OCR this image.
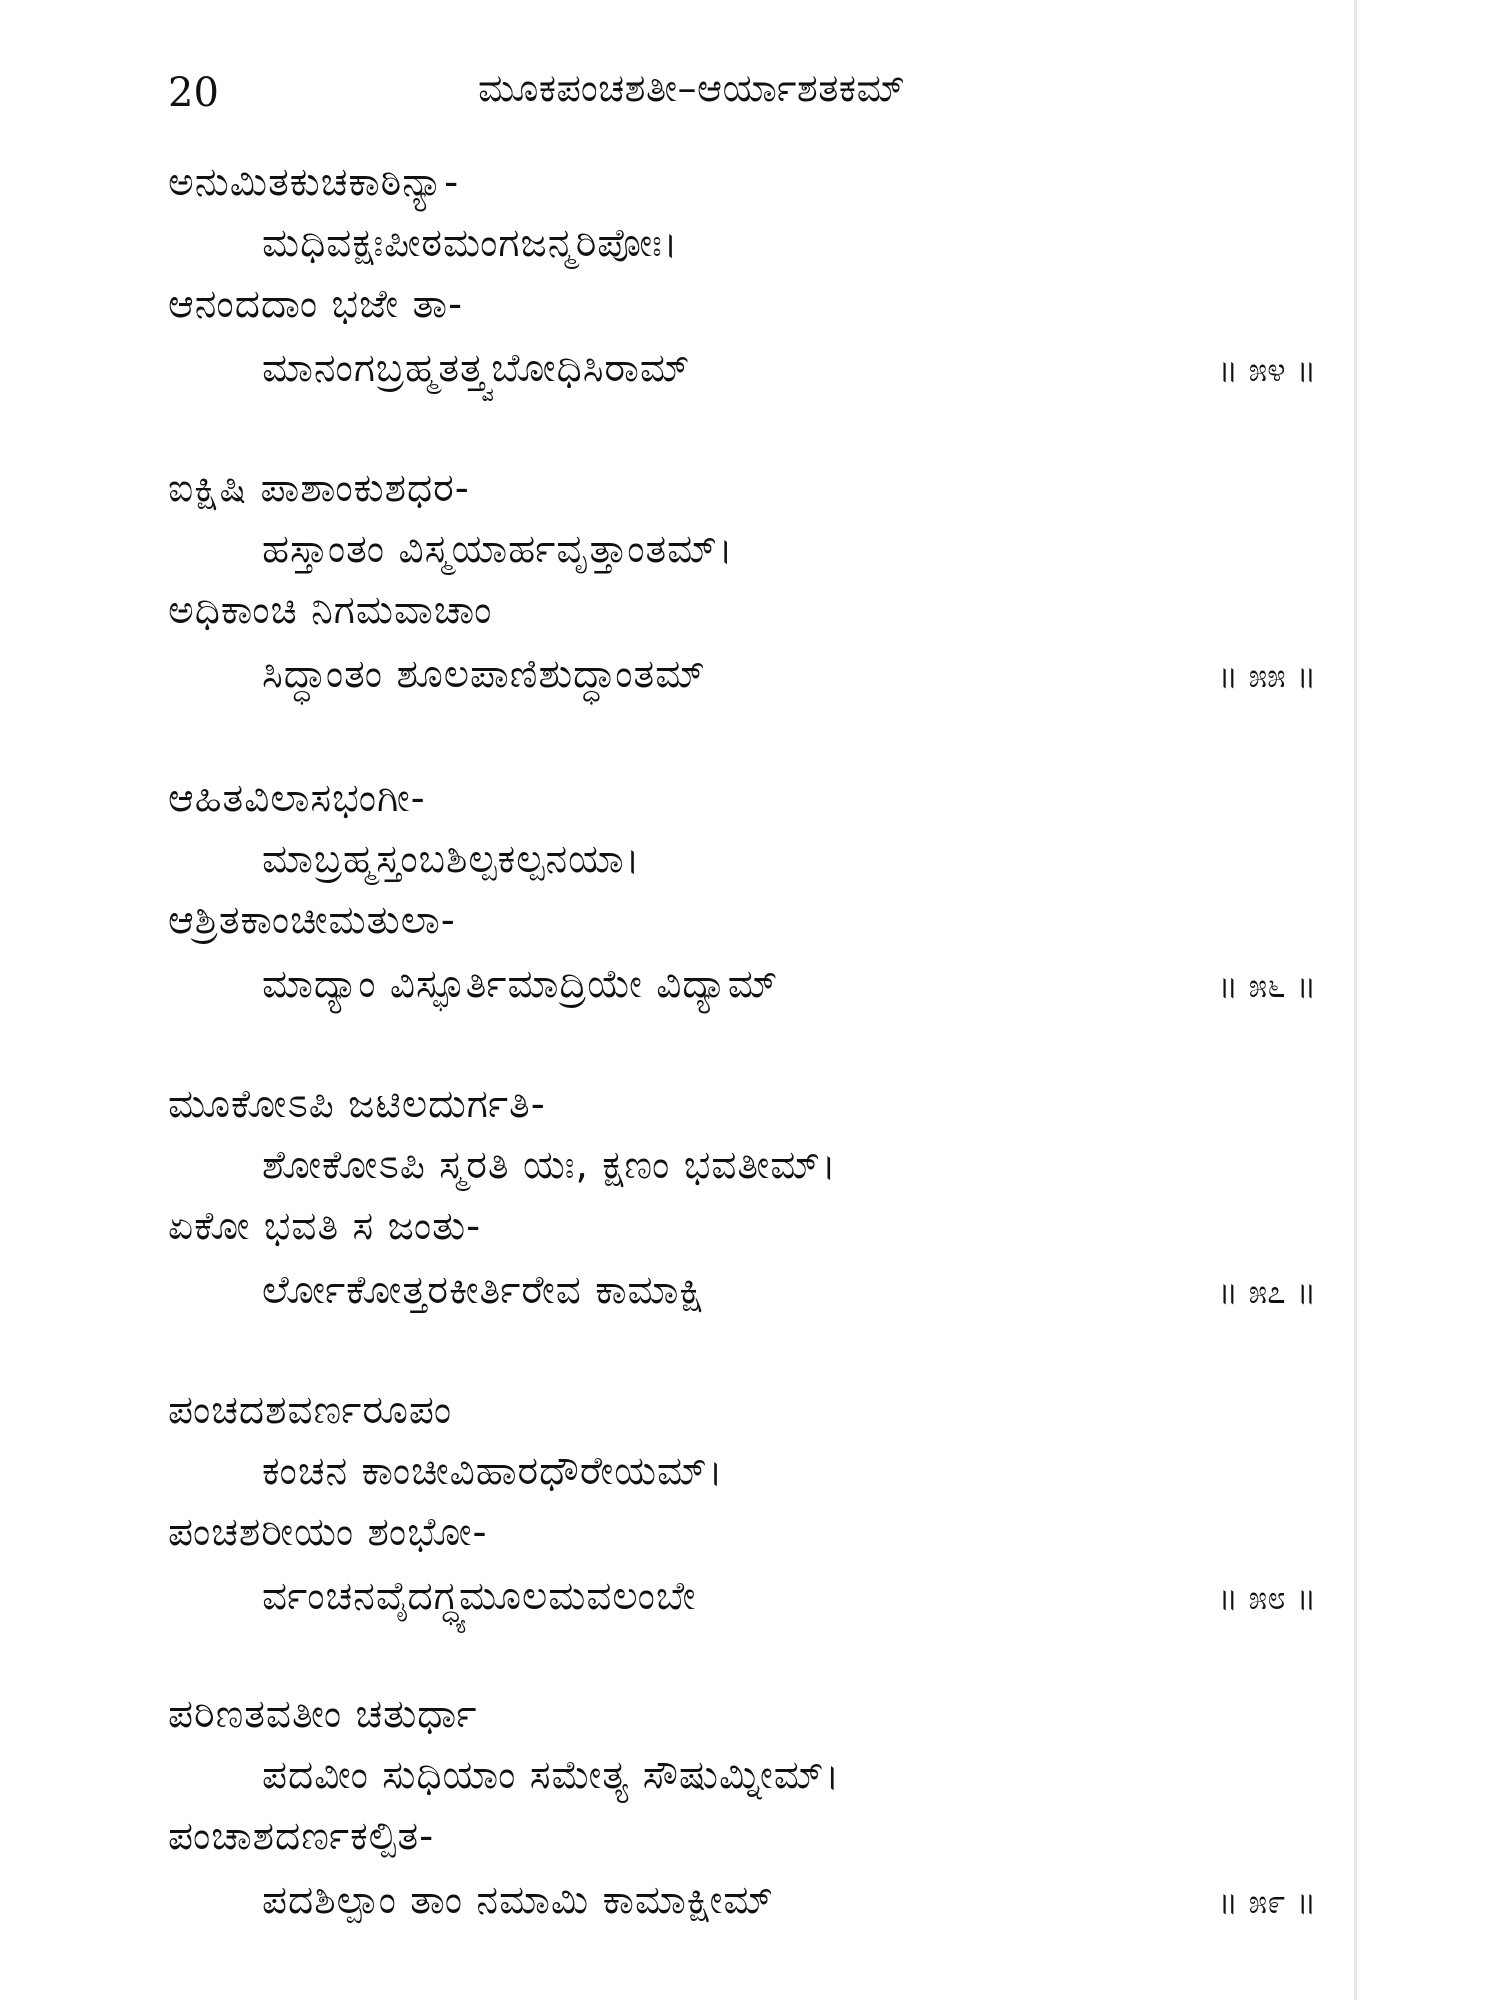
20	ಮೂಕಪಂಚಶತೀ–ಆರ್ಯಾಶತಕಮ್
ಅನುಮಿತಕುಚಕಾಠಿನ್ಯಾ-
ಮಧಿವಕ್ಷಃಪೀಠಮಂಗಜನ್ಮರಿಪೋಃ।
ಆನಂದದಾಂ ಭಜೇ ತಾ-
ಮಾನಂಗಬ್ರಹ್ಮತತ್ತ್ವಬೋಧಿಸಿರಾಮ್	॥ ೫೪ ॥
ಐಕ್ಷಿಷಿ ಪಾಶಾಂಕುಶಧರ-
ಹಸ್ತಾಂತಂ ವಿಸ್ಮಯಾರ್ಹವೃತ್ತಾಂತಮ್।
ಅಧಿಕಾಂಚಿ ನಿಗಮವಾಚಾಂ
ಸಿದ್ಧಾಂತಂ ಶೂಲಪಾಣಿಶುದ್ಧಾಂತಮ್	॥ ೫೫ ॥
ಆಹಿತವಿಲಾಸಭಂಗೀ-
ಮಾಬ್ರಹ್ಮಸ್ತಂಬಶಿಲ್ಪಕಲ್ಪನಯಾ।
ಆಶ್ರಿತಕಾಂಚೀಮತುಲಾ-
ಮಾದ್ಯಾಂ ವಿಸ್ಫೂರ್ತಿಮಾದ್ರಿಯೇ ವಿದ್ಯಾಮ್	॥ ೫೬ ॥
ಮೂಕೋಽಪಿ ಜಟಿಲದುರ್ಗತಿ-
ಶೋಕೋಽಪಿ ಸ್ಮರತಿ ಯಃ, ಕ್ಷಣಂ ಭವತೀಮ್।
ಏಕೋ ಭವತಿ ಸ ಜಂತು-
ರ್ಲೋಕೋತ್ತರಕೀರ್ತಿರೇವ ಕಾಮಾಕ್ಷಿ	॥ ೫೭ ॥
ಪಂಚದಶವರ್ಣರೂಪಂ
ಕಂಚನ ಕಾಂಚೀವಿಹಾರಧೌರೇಯಮ್।
ಪಂಚಶರೀಯಂ ಶಂಭೋ-
ರ್ವಂಚನವೈದಗ್ಧ್ಯಮೂಲಮವಲಂಬೇ	॥ ೫೮ ॥
ಪರಿಣತವತೀಂ ಚತುರ್ಧಾ
ಪದವೀಂ ಸುಧಿಯಾಂ ಸಮೇತ್ಯ ಸೌಷುಮ್ನೀಮ್।
ಪಂಚಾಶದರ್ಣಕಲ್ಪಿತ-
ಪದಶಿಲ್ಪಾಂ ತಾಂ ನಮಾಮಿ ಕಾಮಾಕ್ಷೀಮ್	॥ ೫೯ ॥
